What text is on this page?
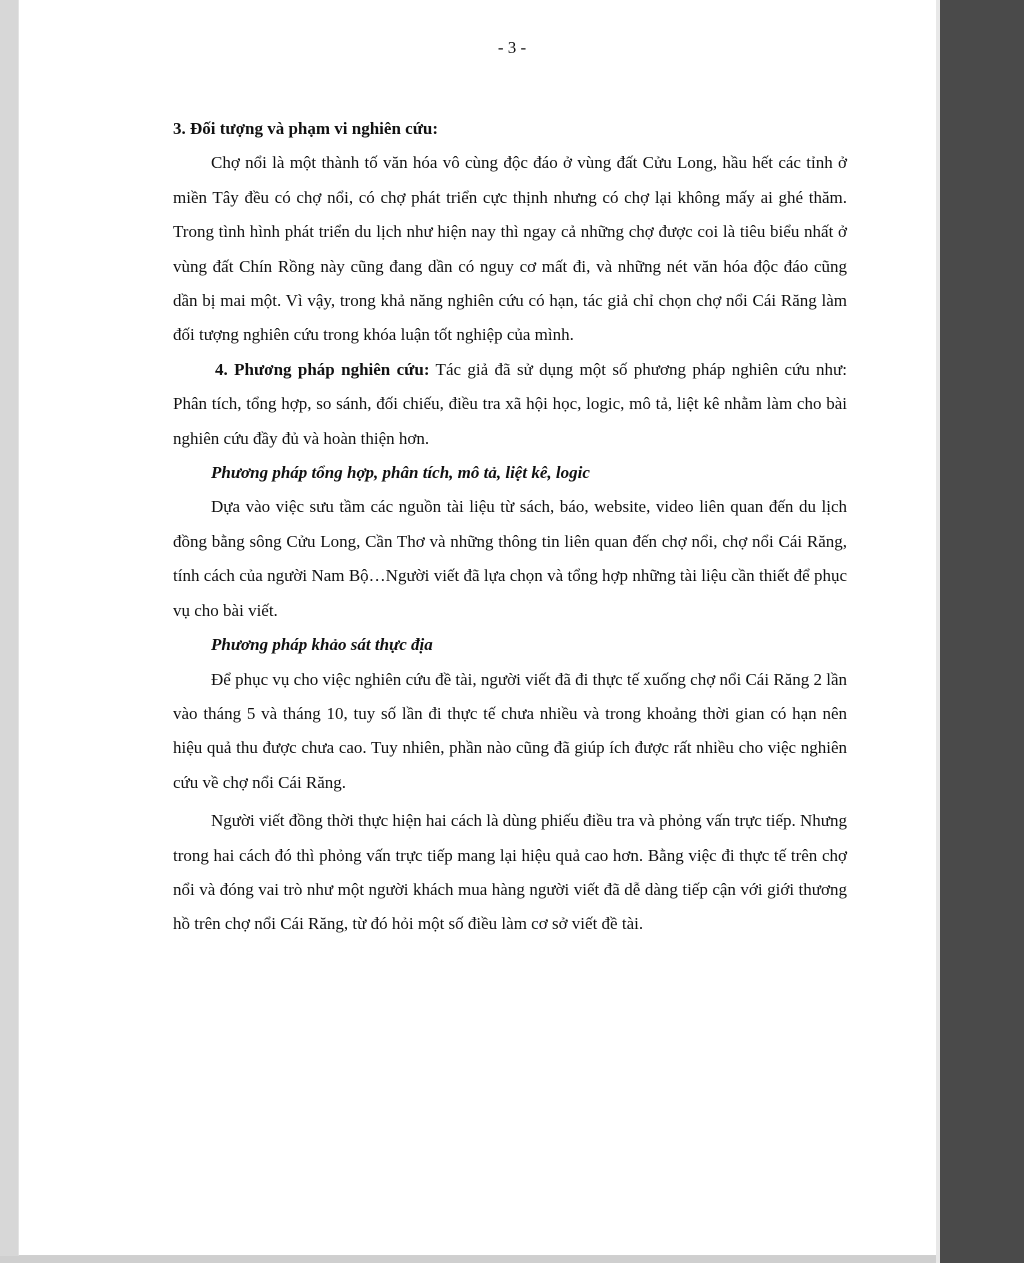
- 3 -

3. Đối tượng và phạm vi nghiên cứu:

Chợ nổi là một thành tố văn hóa vô cùng độc đáo ở vùng đất Cửu Long, hầu hết các tỉnh ở miền Tây đều có chợ nổi, có chợ phát triển cực thịnh nhưng có chợ lại không mấy ai ghé thăm. Trong tình hình phát triển du lịch như hiện nay thì ngay cả những chợ được coi là tiêu biểu nhất ở vùng đất Chín Rồng này cũng đang dần có nguy cơ mất đi, và những nét văn hóa độc đáo cũng dần bị mai một. Vì vậy, trong khả năng nghiên cứu có hạn, tác giả chỉ chọn chợ nổi Cái Răng làm đối tượng nghiên cứu trong khóa luận tốt nghiệp của mình.

4. Phương pháp nghiên cứu: Tác giả đã sử dụng một số phương pháp nghiên cứu như: Phân tích, tổng hợp, so sánh, đối chiếu, điều tra xã hội học, logic, mô tả, liệt kê nhằm làm cho bài nghiên cứu đầy đủ và hoàn thiện hơn.

Phương pháp tổng hợp, phân tích, mô tả, liệt kê, logic

Dựa vào việc sưu tầm các nguồn tài liệu từ sách, báo, website, video liên quan đến du lịch đồng bằng sông Cửu Long, Cần Thơ và những thông tin liên quan đến chợ nổi, chợ nổi Cái Răng, tính cách của người Nam Bộ…Người viết đã lựa chọn và tổng hợp những tài liệu cần thiết để phục vụ cho bài viết.

Phương pháp khảo sát thực địa

Để phục vụ cho việc nghiên cứu đề tài, người viết đã đi thực tế xuống chợ nổi Cái Răng 2 lần vào tháng 5 và tháng 10, tuy số lần đi thực tế chưa nhiều và trong khoảng thời gian có hạn nên hiệu quả thu được chưa cao. Tuy nhiên, phần nào cũng đã giúp ích được rất nhiều cho việc nghiên cứu về chợ nổi Cái Răng.

Người viết đồng thời thực hiện hai cách là dùng phiếu điều tra và phỏng vấn trực tiếp. Nhưng trong hai cách đó thì phỏng vấn trực tiếp mang lại hiệu quả cao hơn. Bằng việc đi thực tế trên chợ nổi và đóng vai trò như một người khách mua hàng người viết đã dễ dàng tiếp cận với giới thương hồ trên chợ nổi Cái Răng, từ đó hỏi một số điều làm cơ sở viết đề tài.
